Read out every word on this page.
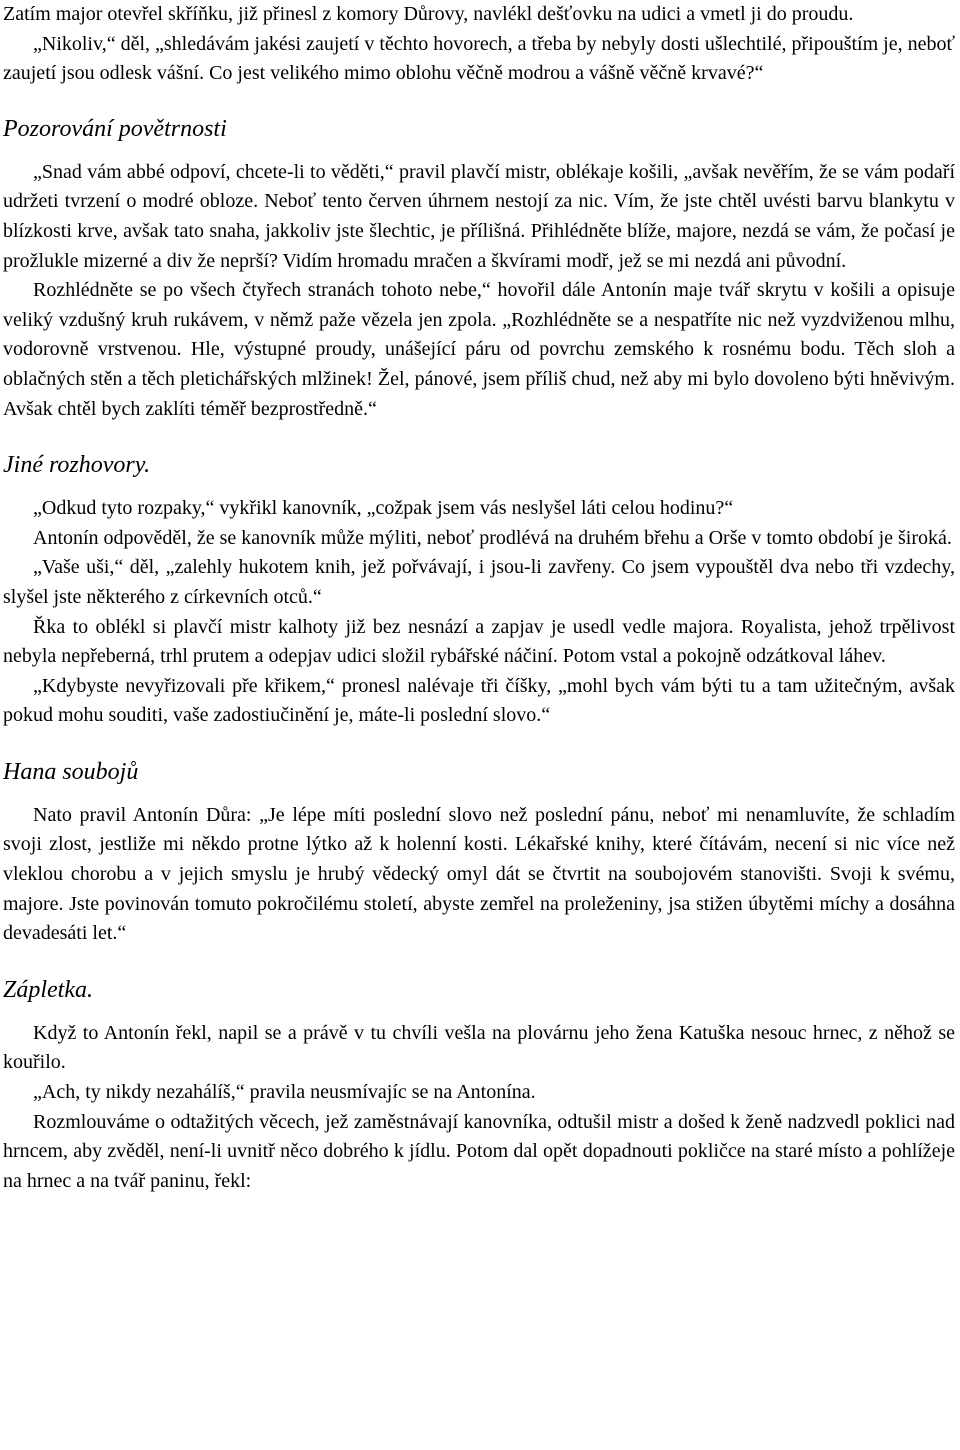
Zatím major otevřel skříňku, již přinesl z komory Důrovy, navlékl dešťovku na udici a vmetl ji do proudu.

„Nikoliv,“ děl, „shledávám jakési zaujetí v těchto hovorech, a třeba by nebyly dosti ušlechtilé, připouštím je, neboť zaujetí jsou odlesk vášní. Co jest velikého mimo oblohu věčně modrou a vášně věčně krvavé?“

Pozorování povětrnosti

„Snad vám abbé odpoví, chcete-li to věděti,“ pravil plavčí mistr, oblékaje košili, „avšak nevěřím, že se vám podaří udržeti tvrzení o modré obloze. Neboť tento červen úhrnem nestojí za nic. Vím, že jste chtěl uvésti barvu blankytu v blízkosti krve, avšak tato snaha, jakkoliv jste šlechtic, je přílišná. Přihlédněte blíže, majore, nezdá se vám, že počasí je prožlukle mizerné a div že neprší? Vidím hromadu mračen a škvírami modř, jež se mi nezdá ani původní.

Rozhlédněte se po všech čtyřech stranách tohoto nebe,“ hovořil dále Antonín maje tvář skrytu v košili a opisuje veliký vzdušný kruh rukávem, v němž paže vězela jen zpola. „Rozhlédněte se a nespatříte nic než vyzdviženou mlhu, vodorovně vrstvenou. Hle, výstupné proudy, unášející páru od povrchu zemského k rosnému bodu. Těch sloh a oblačných stěn a těch pletichářských mlžinek! Žel, pánové, jsem příliš chud, než aby mi bylo dovoleno býti hněvivým. Avšak chtěl bych zaklíti téměř bezprostředně.“

Jiné rozhovory.

„Odkud tyto rozpaky,“ vykřikl kanovník, „cožpak jsem vás neslyšel láti celou hodinu?“

Antonín odpověděl, že se kanovník může mýliti, neboť prodlévá na druhém břehu a Orše v tomto období je široká.

„Vaše uši,“ děl, „zalehly hukotem knih, jež pořvávají, i jsou-li zavřeny. Co jsem vypouštěl dva nebo tři vzdechy, slyšel jste některého z církevních otců.“

Řka to oblékl si plavčí mistr kalhoty již bez nesnází a zapjav je usedl vedle majora. Royalista, jehož trpělivost nebyla nepřeberná, trhl prutem a odepjav udici složil rybářské náčiní. Potom vstal a pokojně odzátkoval láhev.

„Kdybyste nevyřizovali pře křikem,“ pronesl nalévaje tři číšky, „mohl bych vám býti tu a tam užitečným, avšak pokud mohu souditi, vaše zadostiučinění je, máte-li poslední slovo.“

Hana soubojů

Nato pravil Antonín Důra: „Je lépe míti poslední slovo než poslední pánu, neboť mi nenamluvíte, že schladím svoji zlost, jestliže mi někdo protne lýtko až k holenní kosti. Lékařské knihy, které čítávám, necení si nic více než vleklou chorobu a v jejich smyslu je hrubý vědecký omyl dát se čtvrtit na soubojovém stanovišti. Svoji k svému, majore. Jste povinován tomuto pokročilému století, abyste zemřel na proleženiny, jsa stižen úbytěmi míchy a dosáhna devadesáti let.“

Zápletka.

Když to Antonín řekl, napil se a právě v tu chvíli vešla na plovárnu jeho žena Katuška nesouc hrnec, z něhož se kouřilo.

„Ach, ty nikdy nezahálíš,“ pravila neusmívajíc se na Antonína.

Rozmlouváme o odtažitých věcech, jež zaměstnávají kanovníka, odtušil mistr a došed k ženě nadzvedl poklici nad hrncem, aby zvěděl, není-li uvnitř něco dobrého k jídlu. Potom dal opět dopadnouti pokličce na staré místo a pohlížeje na hrnec a na tvář paninu, řekl:
